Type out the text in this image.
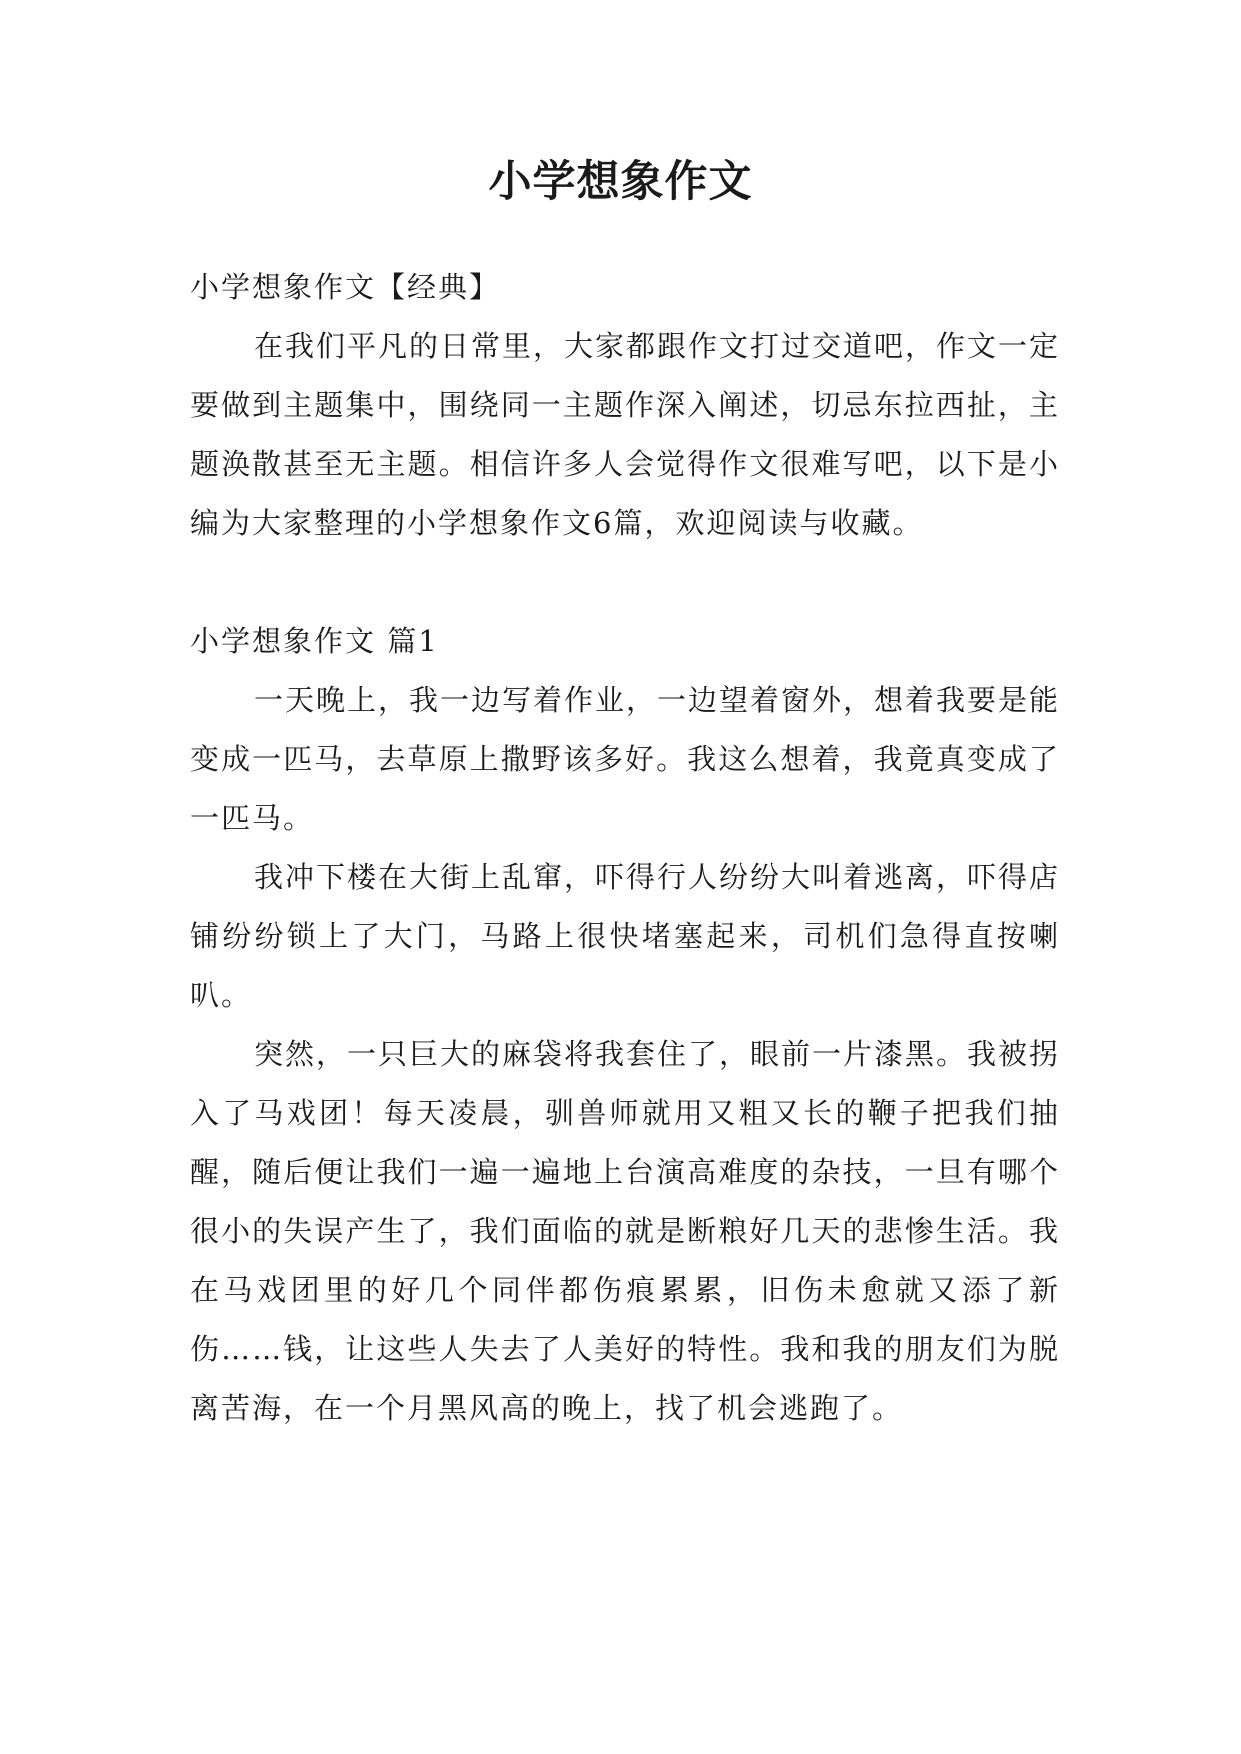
小学想象作文

小学想象作文【经典】

在我们平凡的日常里，大家都跟作文打过交道吧，作文一定要做到主题集中，围绕同一主题作深入阐述，切忌东拉西扯，主题涣散甚至无主题。相信许多人会觉得作文很难写吧，以下是小编为大家整理的小学想象作文6篇，欢迎阅读与收藏。

小学想象作文 篇1

一天晚上，我一边写着作业，一边望着窗外，想着我要是能变成一匹马，去草原上撒野该多好。我这么想着，我竟真变成了一匹马。

我冲下楼在大街上乱窜，吓得行人纷纷大叫着逃离，吓得店铺纷纷锁上了大门，马路上很快堵塞起来，司机们急得直按喇叭。

突然，一只巨大的麻袋将我套住了，眼前一片漆黑。我被拐入了马戏团！每天凌晨，驯兽师就用又粗又长的鞭子把我们抽醒，随后便让我们一遍一遍地上台演高难度的杂技，一旦有哪个很小的失误产生了，我们面临的就是断粮好几天的悲惨生活。我在马戏团里的好几个同伴都伤痕累累，旧伤未愈就又添了新伤……钱，让这些人失去了人美好的特性。我和我的朋友们为脱离苦海，在一个月黑风高的晚上，找了机会逃跑了。
